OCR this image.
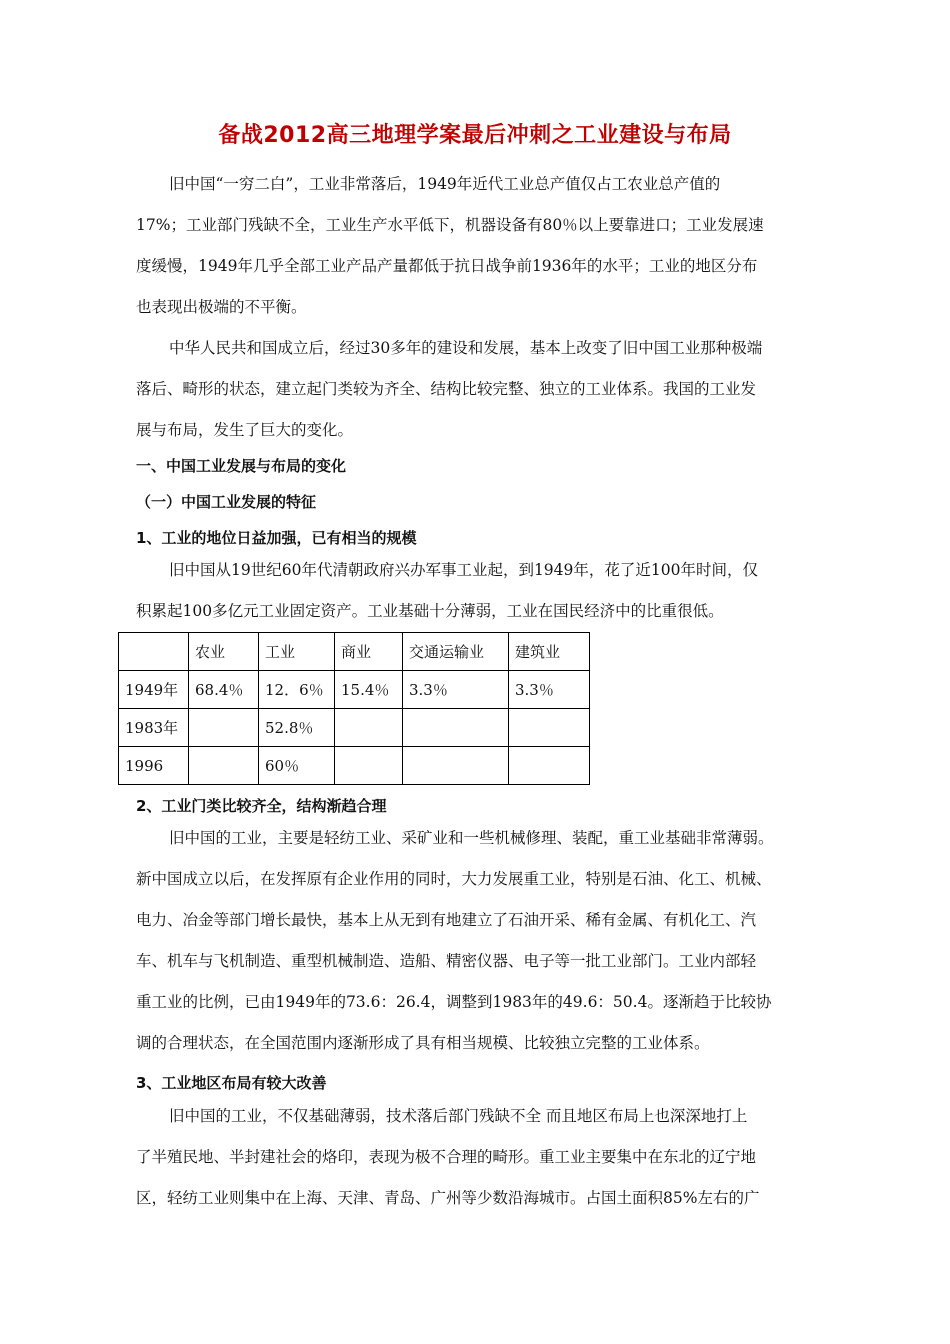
备战2012高三地理学案最后冲刺之工业建设与布局
旧中国“一穷二白”，工业非常落后，1949年近代工业总产值仅占工农业总产值的
17%；工业部门残缺不全，工业生产水平低下，机器设备有80％以上要靠进口；工业发展速
度缓慢，1949年几乎全部工业产品产量都低于抗日战争前1936年的水平；工业的地区分布
也表现出极端的不平衡。
中华人民共和国成立后，经过30多年的建设和发展，基本上改变了旧中国工业那种极端
落后、畸形的状态，建立起门类较为齐全、结构比较完整、独立的工业体系。我国的工业发
展与布局，发生了巨大的变化。
一、中国工业发展与布局的变化
（一）中国工业发展的特征
1、工业的地位日益加强，已有相当的规模
旧中国从19世纪60年代清朝政府兴办军事工业起，到1949年，花了近100年时间，仅
积累起100多亿元工业固定资产。工业基础十分薄弱，工业在国民经济中的比重很低。
	农业	工业	商业	交通运输业	建筑业
1949年	68.4％	12．6％	15.4％	3.3％	3.3％
1983年		52.8％			
1996		60％			
2、工业门类比较齐全，结构渐趋合理
旧中国的工业，主要是轻纺工业、采矿业和一些机械修理、装配，重工业基础非常薄弱。
新中国成立以后，在发挥原有企业作用的同时，大力发展重工业，特别是石油、化工、机械、
电力、冶金等部门增长最快，基本上从无到有地建立了石油开采、稀有金属、有机化工、汽
车、机车与飞机制造、重型机械制造、造船、精密仪器、电子等一批工业部门。工业内部轻
重工业的比例，已由1949年的73.6：26.4，调整到1983年的49.6：50.4。逐渐趋于比较协
调的合理状态，在全国范围内逐渐形成了具有相当规模、比较独立完整的工业体系。
3、工业地区布局有较大改善
旧中国的工业，不仅基础薄弱，技术落后部门残缺不全 而且地区布局上也深深地打上
了半殖民地、半封建社会的烙印，表现为极不合理的畸形。重工业主要集中在东北的辽宁地
区，轻纺工业则集中在上海、天津、青岛、广州等少数沿海城市。占国土面积85%左右的广
